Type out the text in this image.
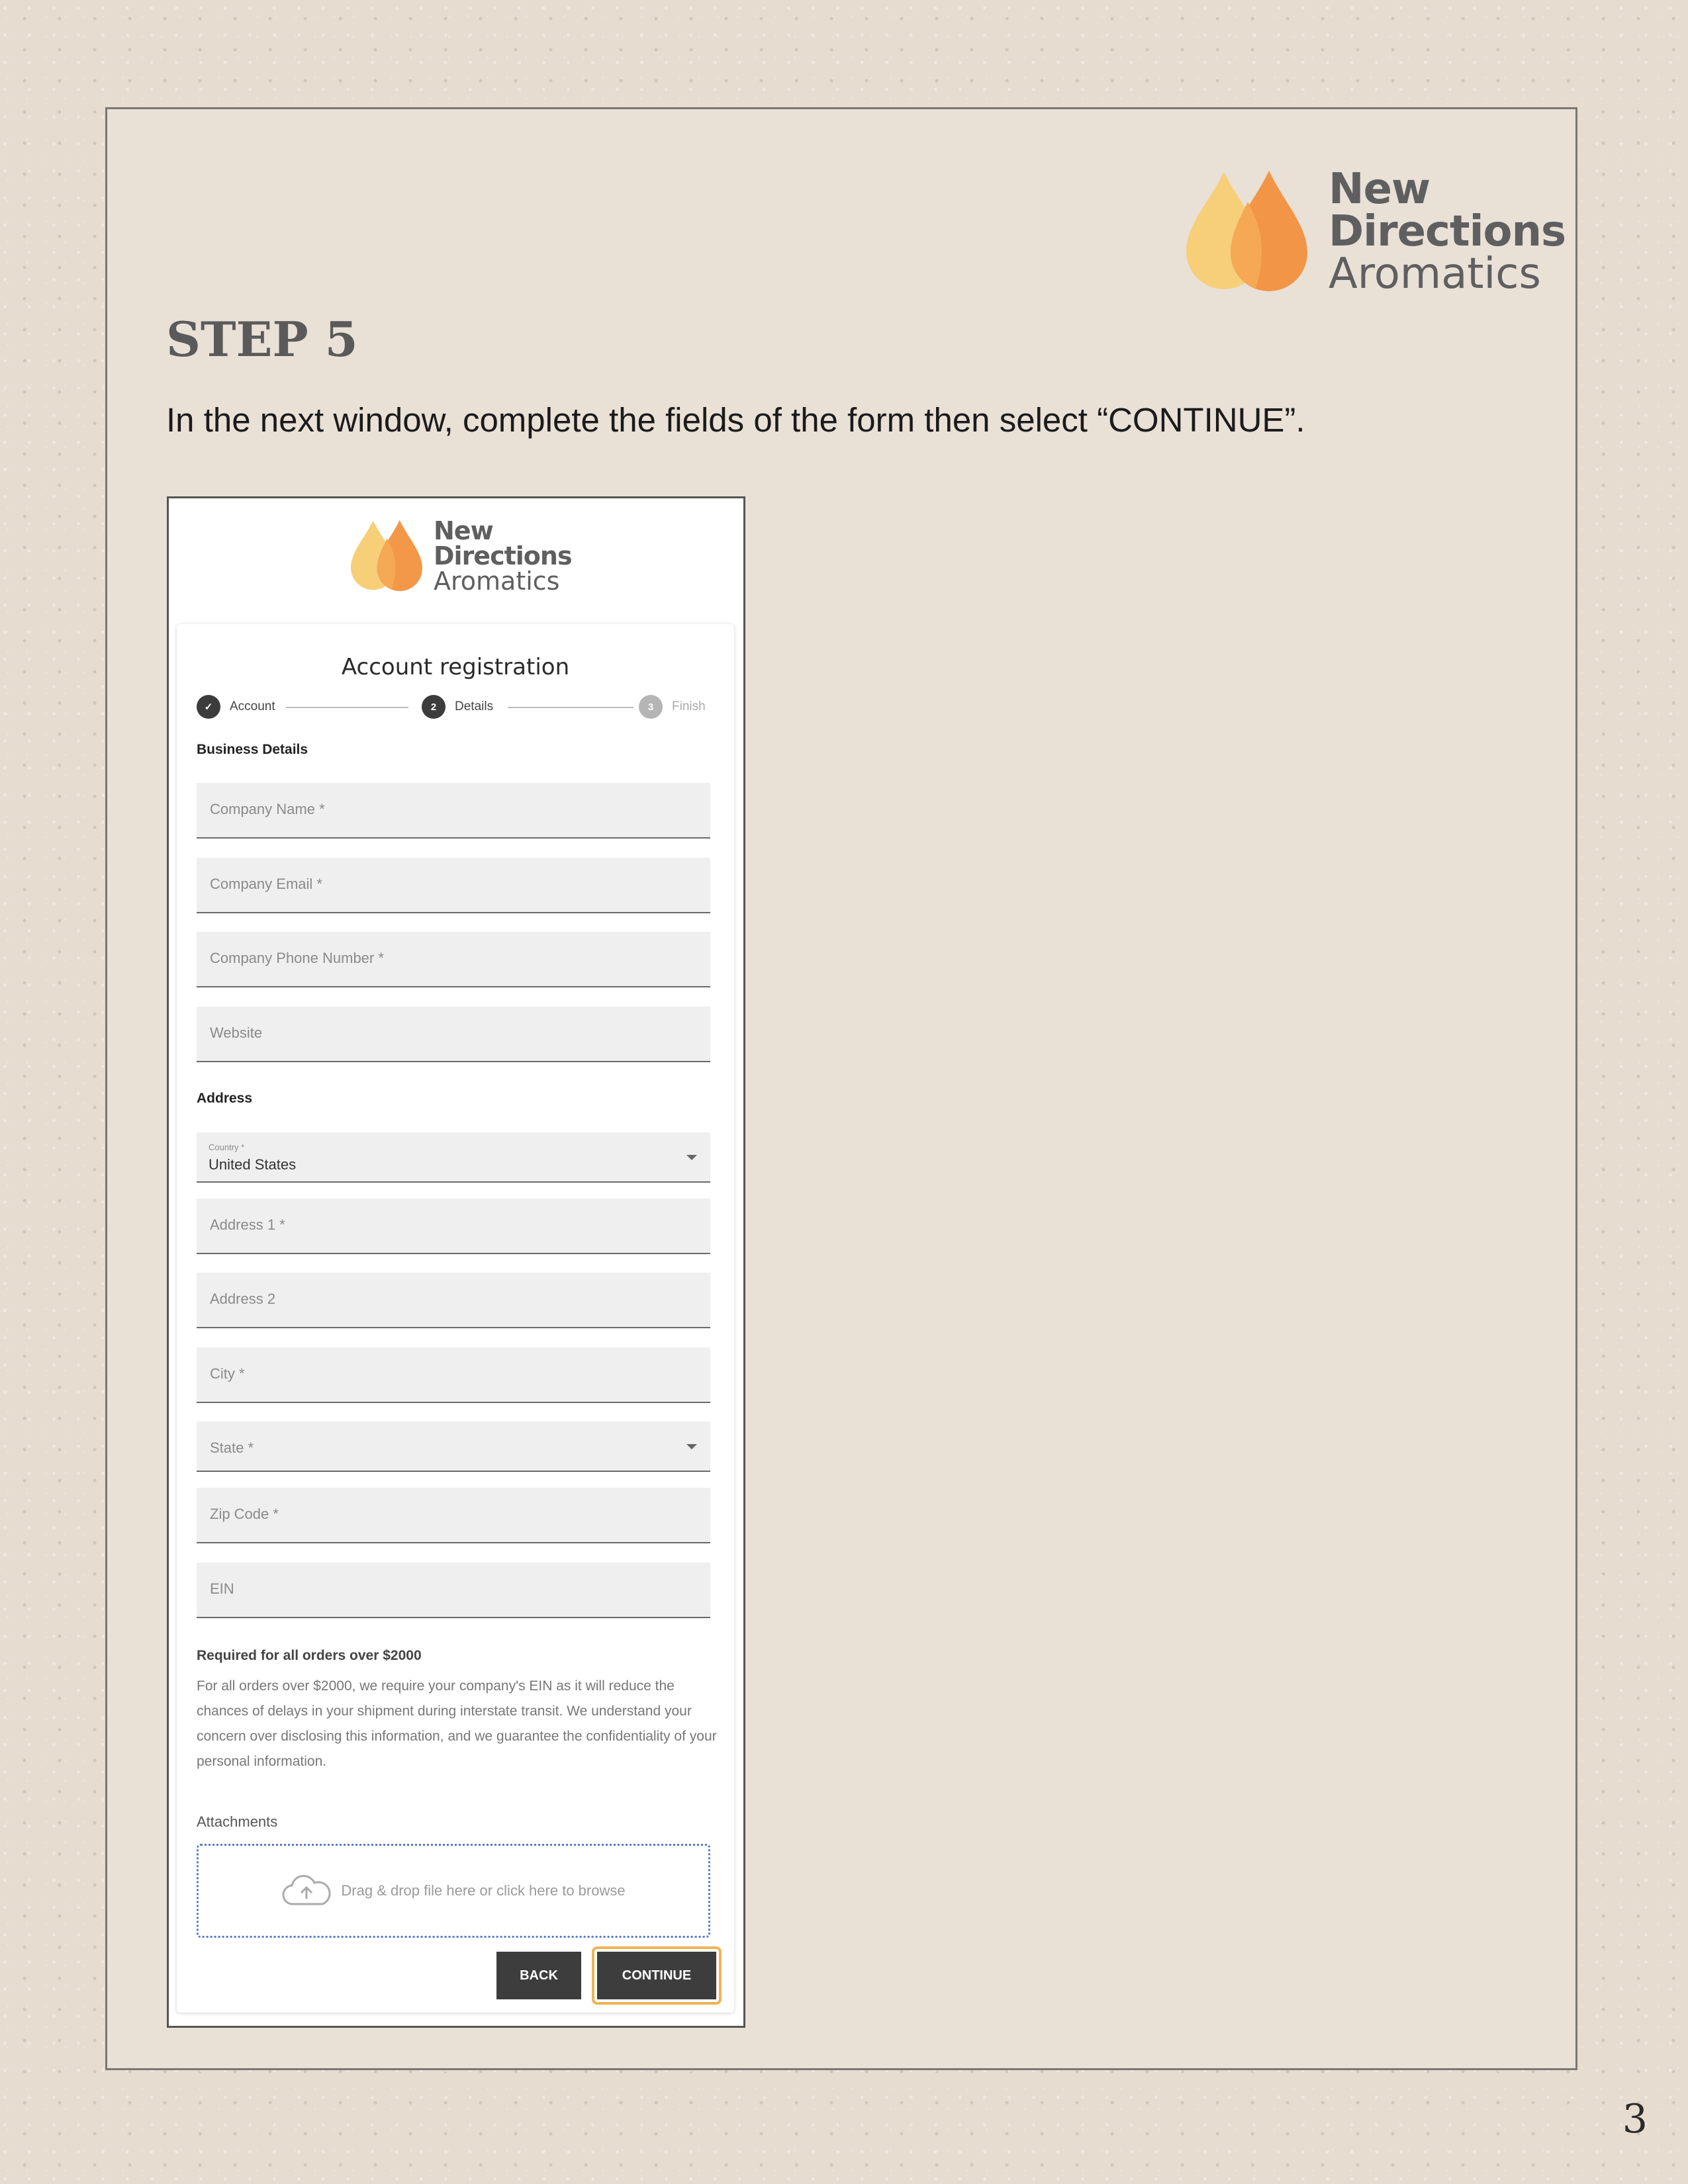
New
Directions
Aromatics
STEP 5

In the next window, complete the fields of the form then select “CONTINUE”.

New
Directions
Aromatics
Account registration
✓	Account	2	Details	3	Finish
Business Details
Company Name *
Company Email *
Company Phone Number *
Website
Address
Country *
United States
Address 1 *
Address 2
City *
State *
Zip Code *
EIN
Required for all orders over $2000
For all orders over $2000, we require your company's EIN as it will reduce the chances of delays in your shipment during interstate transit. We understand your concern over disclosing this information, and we guarantee the confidentiality of your personal information.
Attachments
Drag & drop file here or click here to browse
BACK	CONTINUE
3
